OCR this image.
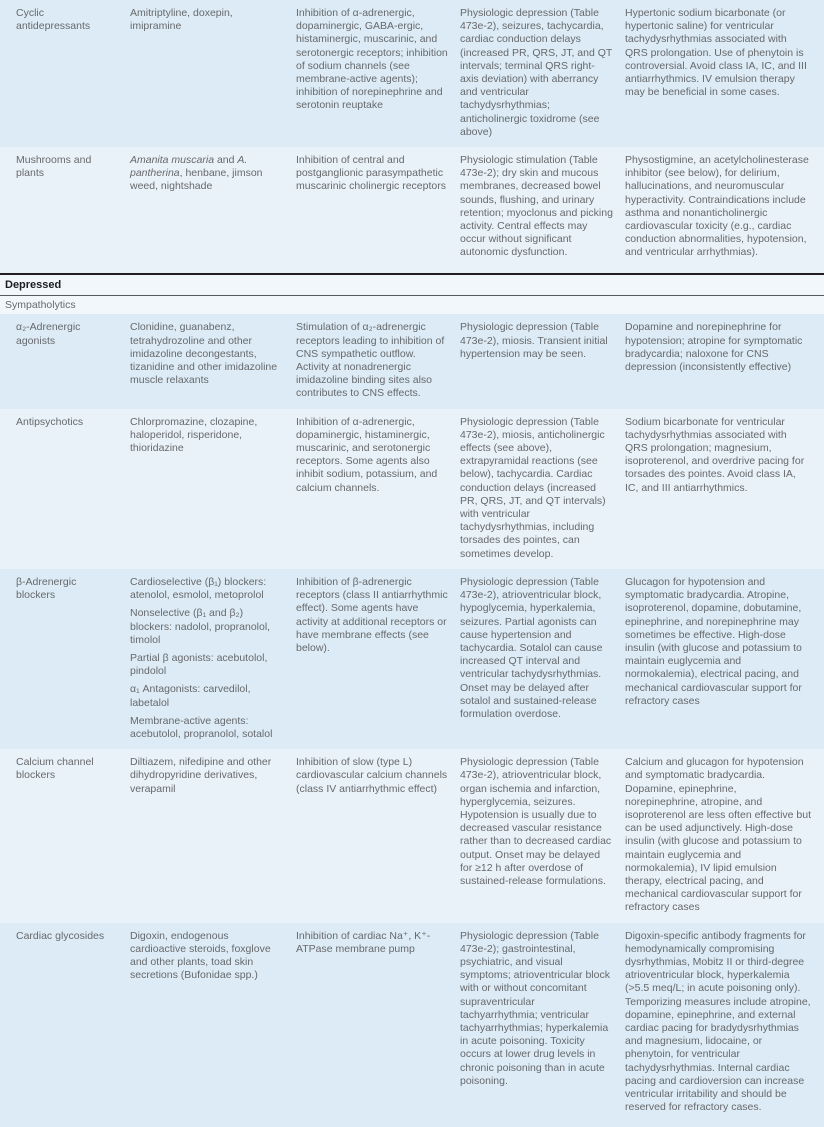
Cyclic antidepressants
Amitriptyline, doxepin, imipramine
Inhibition of α-adrenergic, dopaminergic, GABA-ergic, histaminergic, muscarinic, and serotonergic receptors; inhibition of sodium channels (see membrane-active agents); inhibition of norepinephrine and serotonin reuptake
Physiologic depression (Table 473e-2), seizures, tachycardia, cardiac conduction delays (increased PR, QRS, JT, and QT intervals; terminal QRS right-axis deviation) with aberrancy and ventricular tachydysrhythmias; anticholinergic toxidrome (see above)
Hypertonic sodium bicarbonate (or hypertonic saline) for ventricular tachydysrhythmias associated with QRS prolongation. Use of phenytoin is controversial. Avoid class IA, IC, and III antiarrhythmics. IV emulsion therapy may be beneficial in some cases.
Mushrooms and plants
Amanita muscaria and A. pantherina, henbane, jimson weed, nightshade
Inhibition of central and postganglionic parasympathetic muscarinic cholinergic receptors
Physiologic stimulation (Table 473e-2); dry skin and mucous membranes, decreased bowel sounds, flushing, and urinary retention; myoclonus and picking activity. Central effects may occur without significant autonomic dysfunction.
Physostigmine, an acetylcholinesterase inhibitor (see below), for delirium, hallucinations, and neuromuscular hyperactivity. Contraindications include asthma and nonanticholinergic cardiovascular toxicity (e.g., cardiac conduction abnormalities, hypotension, and ventricular arrhythmias).
Depressed
Sympatholytics
α₂-Adrenergic agonists
Clonidine, guanabenz, tetrahydrozoline and other imidazoline decongestants, tizanidine and other imidazoline muscle relaxants
Stimulation of α₂-adrenergic receptors leading to inhibition of CNS sympathetic outflow. Activity at nonadrenergic imidazoline binding sites also contributes to CNS effects.
Physiologic depression (Table 473e-2), miosis. Transient initial hypertension may be seen.
Dopamine and norepinephrine for hypotension; atropine for symptomatic bradycardia; naloxone for CNS depression (inconsistently effective)
Antipsychotics	Chlorpromazine, clozapine, haloperidol, risperidone, thioridazine
Inhibition of α-adrenergic, dopaminergic, histaminergic, muscarinic, and serotonergic receptors. Some agents also inhibit sodium, potassium, and calcium channels.
Physiologic depression (Table 473e-2), miosis, anticholinergic effects (see above), extrapyramidal reactions (see below), tachycardia. Cardiac conduction delays (increased PR, QRS, JT, and QT intervals) with ventricular tachydysrhythmias, including torsades des pointes, can sometimes develop.
Sodium bicarbonate for ventricular tachydysrhythmias associated with QRS prolongation; magnesium, isoproterenol, and overdrive pacing for torsades des pointes. Avoid class IA, IC, and III antiarrhythmics.
β-Adrenergic blockers
Cardioselective (β₁) blockers: atenolol, esmolol, metoprolol
Nonselective (β₁ and β₂) blockers: nadolol, propranolol, timolol
Partial β agonists: acebutolol, pindolol
α₁ Antagonists: carvedilol, labetalol
Membrane-active agents: acebutolol, propranolol, sotalol
Inhibition of β-adrenergic receptors (class II antiarrhythmic effect). Some agents have activity at additional receptors or have membrane effects (see below).
Physiologic depression (Table 473e-2), atrioventricular block, hypoglycemia, hyperkalemia, seizures. Partial agonists can cause hypertension and tachycardia. Sotalol can cause increased QT interval and ventricular tachydysrhythmias. Onset may be delayed after sotalol and sustained-release formulation overdose.
Glucagon for hypotension and symptomatic bradycardia. Atropine, isoproterenol, dopamine, dobutamine, epinephrine, and norepinephrine may sometimes be effective. High-dose insulin (with glucose and potassium to maintain euglycemia and normokalemia), electrical pacing, and mechanical cardiovascular support for refractory cases
Calcium channel blockers
Diltiazem, nifedipine and other dihydropyridine derivatives, verapamil
Inhibition of slow (type L) cardiovascular calcium channels (class IV antiarrhythmic effect)
Physiologic depression (Table 473e-2), atrioventricular block, organ ischemia and infarction, hyperglycemia, seizures. Hypotension is usually due to decreased vascular resistance rather than to decreased cardiac output. Onset may be delayed for ≥12 h after overdose of sustained-release formulations.
Calcium and glucagon for hypotension and symptomatic bradycardia. Dopamine, epinephrine, norepinephrine, atropine, and isoproterenol are less often effective but can be used adjunctively. High-dose insulin (with glucose and potassium to maintain euglycemia and normokalemia), IV lipid emulsion therapy, electrical pacing, and mechanical cardiovascular support for refractory cases
Cardiac glycosides	Digoxin, endogenous cardioactive steroids, foxglove and other plants, toad skin secretions (Bufonidae spp.)
Inhibition of cardiac Na⁺, K⁺-ATPase membrane pump
Physiologic depression (Table 473e-2); gastrointestinal, psychiatric, and visual symptoms; atrioventricular block with or without concomitant supraventricular tachyarrhythmia; ventricular tachyarrhythmias; hyperkalemia in acute poisoning. Toxicity occurs at lower drug levels in chronic poisoning than in acute poisoning.
Digoxin-specific antibody fragments for hemodynamically compromising dysrhythmias, Mobitz II or third-degree atrioventricular block, hyperkalemia (>5.5 meq/L; in acute poisoning only). Temporizing measures include atropine, dopamine, epinephrine, and external cardiac pacing for bradydysrhythmias and magnesium, lidocaine, or phenytoin, for ventricular tachydysrhythmias. Internal cardiac pacing and cardioversion can increase ventricular irritability and should be reserved for refractory cases.
